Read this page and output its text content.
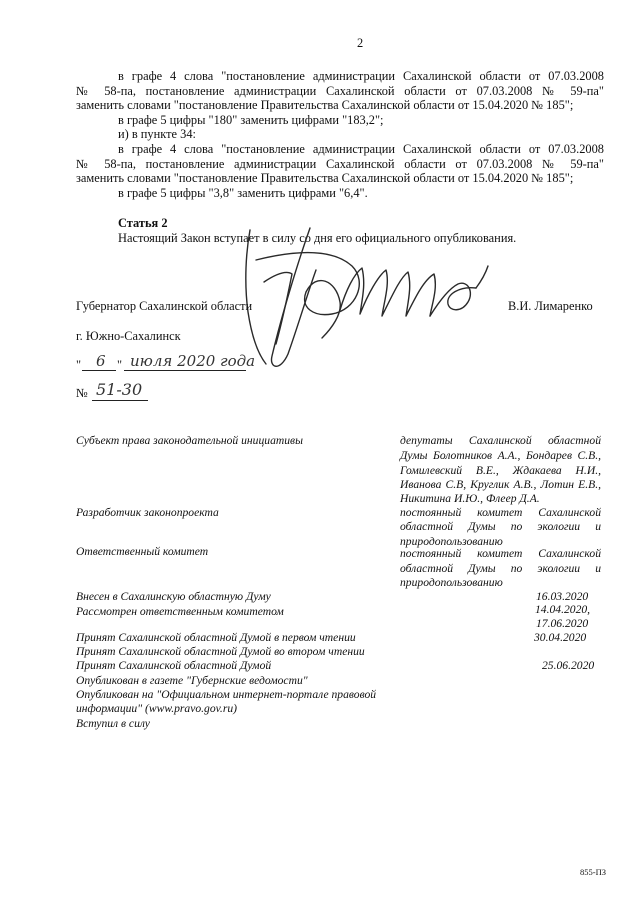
2
в графе 4 слова "постановление администрации Сахалинской области от 07.03.2008
№ 58-па, постановление администрации Сахалинской области от 07.03.2008 № 59-па"
заменить словами "постановление Правительства Сахалинской области от 15.04.2020 № 185";
в графе 5 цифры "180" заменить цифрами "183,2";
и) в пункте 34:
в графе 4 слова "постановление администрации Сахалинской области от 07.03.2008
№ 58-па, постановление администрации Сахалинской области от 07.03.2008 № 59-па"
заменить словами "постановление Правительства Сахалинской области от 15.04.2020 № 185";
в графе 5 цифры "3,8" заменить цифрами "6,4".
Статья 2
Настоящий Закон вступает в силу со дня его официального опубликования.
Губернатор Сахалинской области	В.И. Лимаренко
г. Южно-Сахалинск
" 6 " июля 2020 года
№ 51-30
Субъект права законодательной инициативы	депутаты Сахалинской областной
Думы Болотников А.А., Бондарев С.В.,
Гомилевский В.Е., Ждакаева Н.И.,
Иванова С.В, Круглик А.В., Лотин Е.В.,
Никитина И.Ю., Флеер Д.А.
Разработчик законопроекта	постоянный комитет Сахалинской
областной Думы по экологии и
природопользованию
Ответственный комитет	постоянный комитет Сахалинской
областной Думы по экологии и
природопользованию
Внесен в Сахалинскую областную Думу	16.03.2020
Рассмотрен ответственным комитетом	14.04.2020,
17.06.2020
Принят Сахалинской областной Думой в первом чтении	30.04.2020
Принят Сахалинской областной Думой во втором чтении
Принят Сахалинской областной Думой	25.06.2020
Опубликован в газете "Губернские ведомости"
Опубликован на "Официальном интернет-портале правовой
информации" (www.pravo.gov.ru)
Вступил в силу
855-ПЗ
